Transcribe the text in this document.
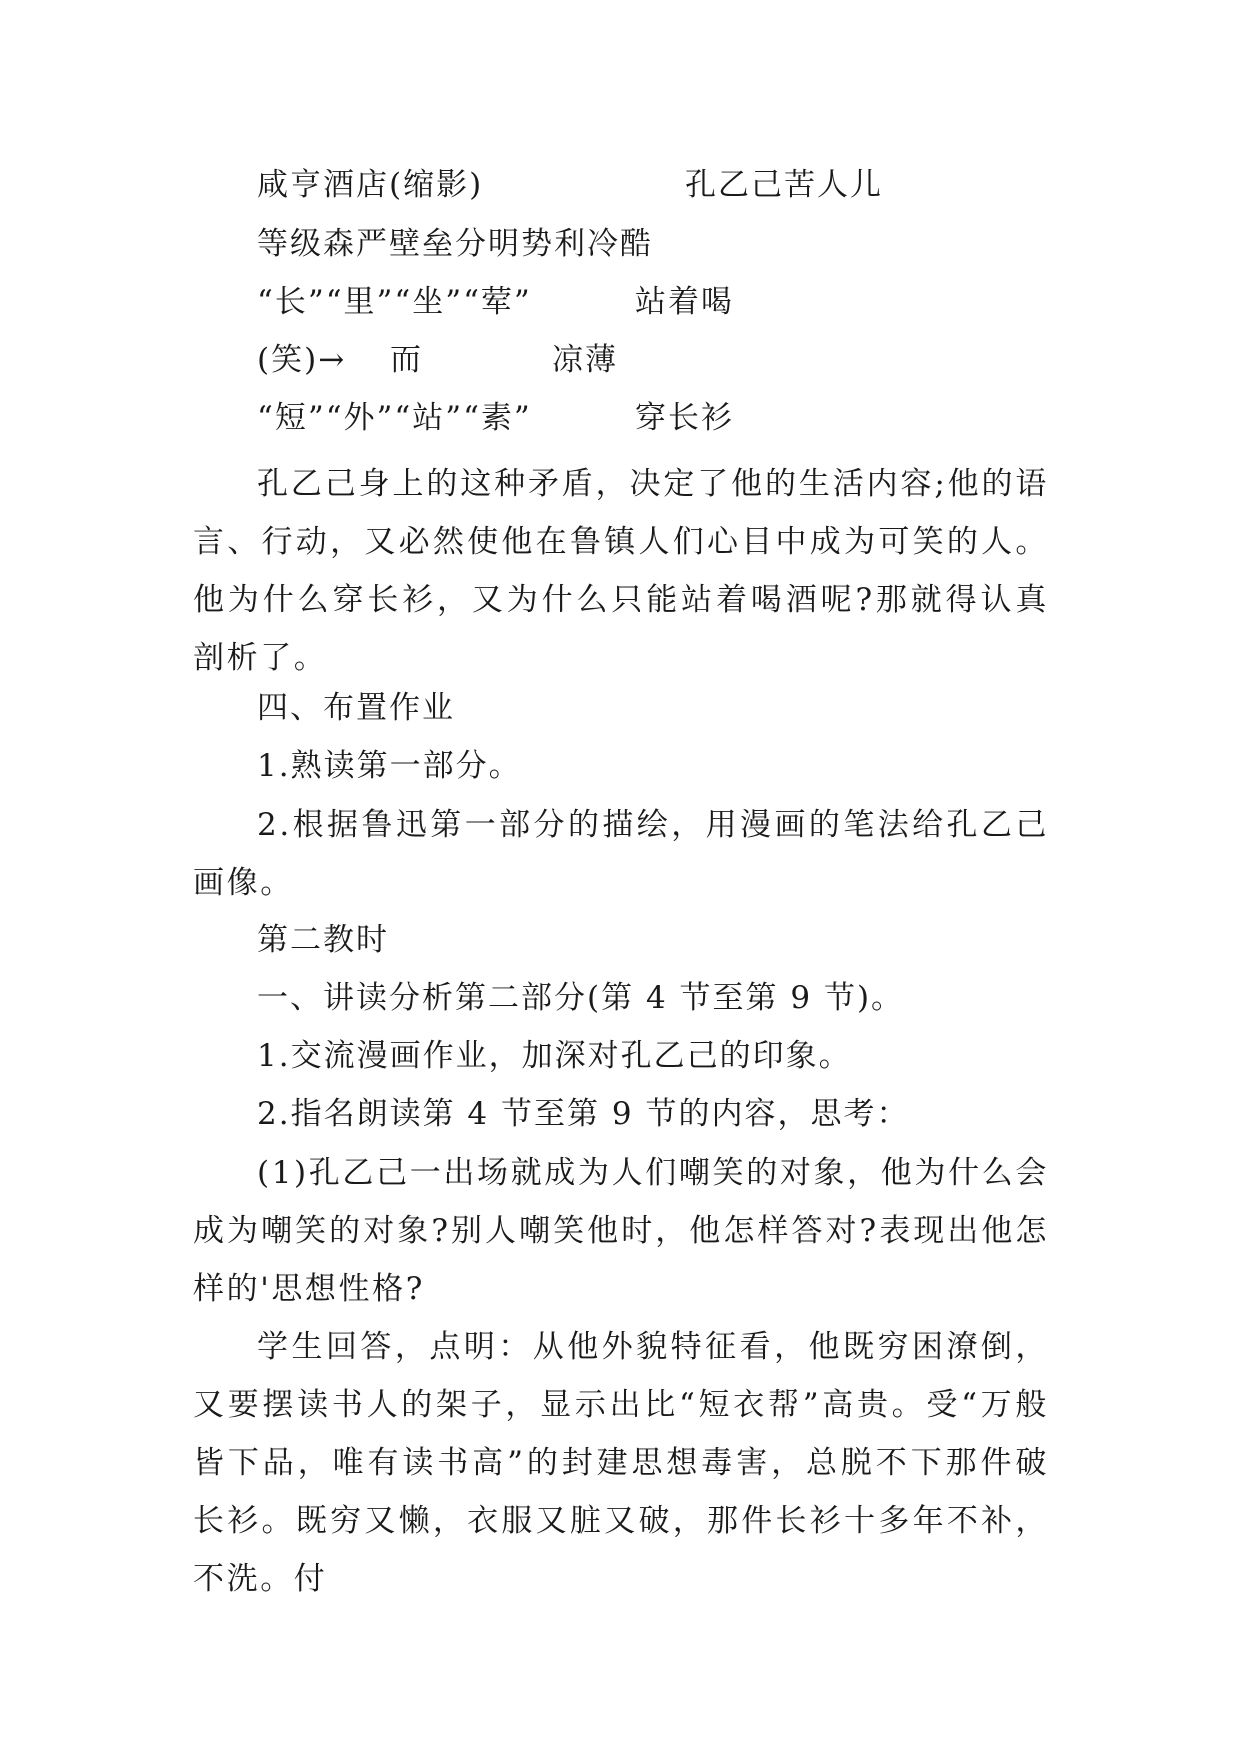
咸亨酒店(缩影)	孔乙己苦人儿
等级森严壁垒分明势利冷酷
“长”“里”“坐”“荤”	站着喝
(笑)→ 而	凉薄
“短”“外”“站”“素”	穿长衫
孔乙己身上的这种矛盾，决定了他的生活内容;他的语言、行动，又必然使他在鲁镇人们心目中成为可笑的人。他为什么穿长衫，又为什么只能站着喝酒呢?那就得认真剖析了。
四、布置作业
1.熟读第一部分。
2.根据鲁迅第一部分的描绘，用漫画的笔法给孔乙己画像。
第二教时
一、讲读分析第二部分(第 4 节至第 9 节)。
1.交流漫画作业，加深对孔乙己的印象。
2.指名朗读第 4 节至第 9 节的内容，思考：
(1)孔乙己一出场就成为人们嘲笑的对象，他为什么会成为嘲笑的对象?别人嘲笑他时，他怎样答对?表现出他怎样的'思想性格?
学生回答，点明：从他外貌特征看，他既穷困潦倒，又要摆读书人的架子，显示出比“短衣帮”高贵。受“万般皆下品，唯有读书高”的封建思想毒害，总脱不下那件破长衫。既穷又懒，衣服又脏又破，那件长衫十多年不补，不洗。付
